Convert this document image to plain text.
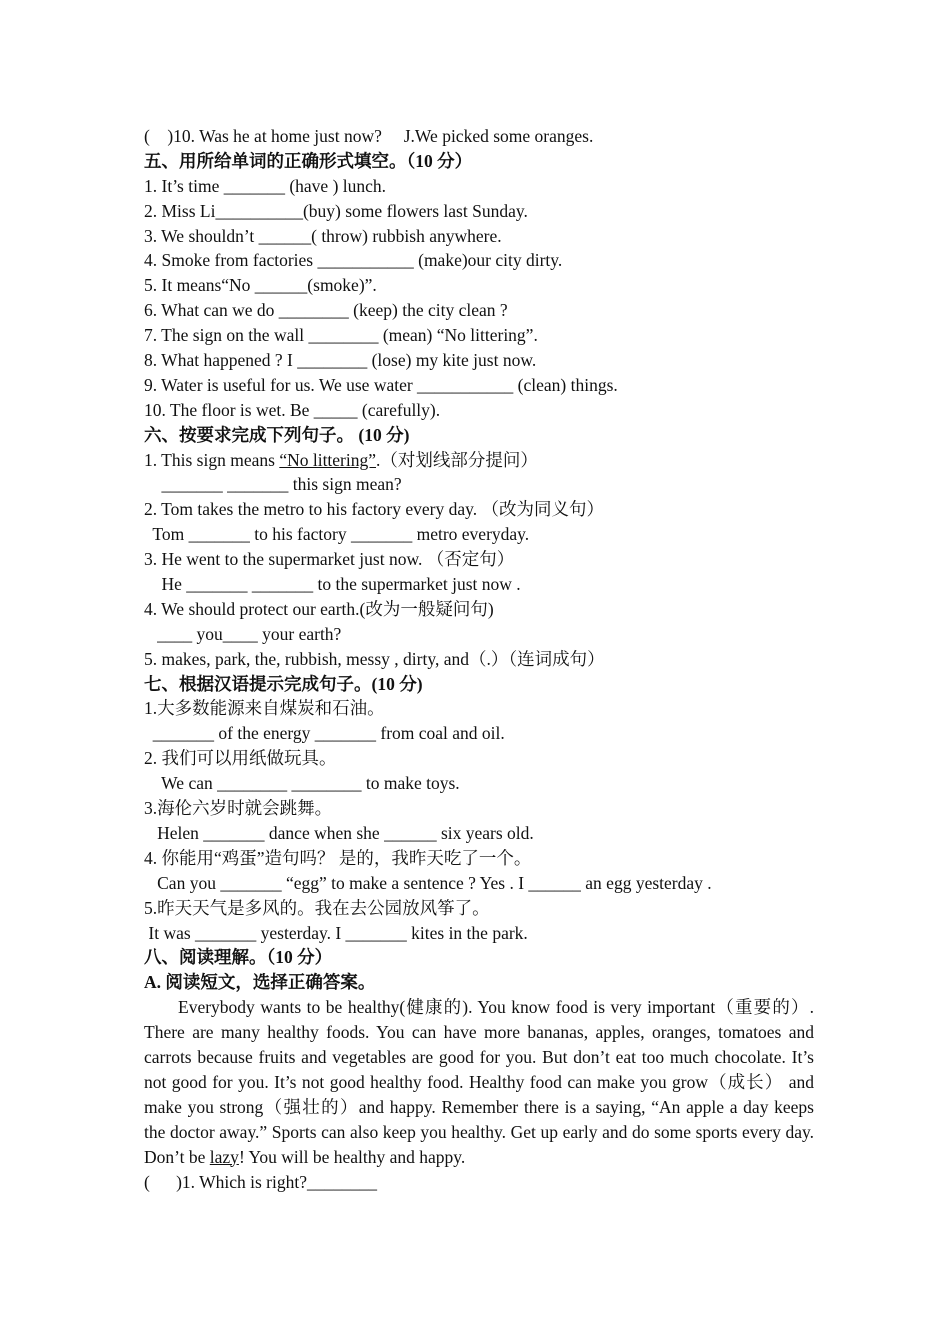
(    )10. Was he at home just now?     J.We picked some oranges.
五、用所给单词的正确形式填空。（10 分）
1. It’s time _______ (have ) lunch.
2. Miss Li__________(buy) some flowers last Sunday.
3. We shouldn’t ______( throw) rubbish anywhere.
4. Smoke from factories ___________ (make)our city dirty.
5. It means“No ______(smoke)”.
6. What can we do ________ (keep) the city clean ?
7. The sign on the wall ________ (mean) “No littering”.
8. What happened ? I ________ (lose) my kite just now.
9. Water is useful for us. We use water ___________ (clean) things.
10. The floor is wet. Be _____ (carefully).
六、按要求完成下列句子。 (10 分)
1. This sign means “No littering”.（对划线部分提问）
_______ _______ this sign mean?
2. Tom takes the metro to his factory every day. （改为同义句）
Tom _______ to his factory _______ metro everyday.
3. He went to the supermarket just now. （否定句）
He _______ _______ to the supermarket just now .
4. We should protect our earth.(改为一般疑问句)
____ you____ your earth?
5. makes, park, the, rubbish, messy , dirty, and（.）（连词成句）
七、根据汉语提示完成句子。(10 分)
1.大多数能源来自煤炭和石油。
_______ of the energy _______ from coal and oil.
2. 我们可以用纸做玩具。
We can ________ ________ to make toys.
3.海伦六岁时就会跳舞。
Helen _______ dance when she ______ six years old.
4. 你能用“鸡蛋”造句吗？ 是的，我昨天吃了一个。
Can you _______ “egg” to make a sentence ? Yes . I ______ an egg yesterday .
5.昨天天气是多风的。我在去公园放风筝了。
It was _______ yesterday. I _______ kites in the park.
八、阅读理解。（10 分）
A. 阅读短文，选择正确答案。
Everybody wants to be healthy(健康的). You know food is very important（重要的）. There are many healthy foods. You can have more bananas, apples, oranges, tomatoes and carrots because fruits and vegetables are good for you. But don’t eat too much chocolate. It’s not good for you. It’s not good healthy food. Healthy food can make you grow（成长） and make you strong（强壮的）and happy. Remember there is a saying, “An apple a day keeps the doctor away.” Sports can also keep you healthy. Get up early and do some sports every day. Don’t be lazy! You will be healthy and happy.
(      )1. Which is right?________
